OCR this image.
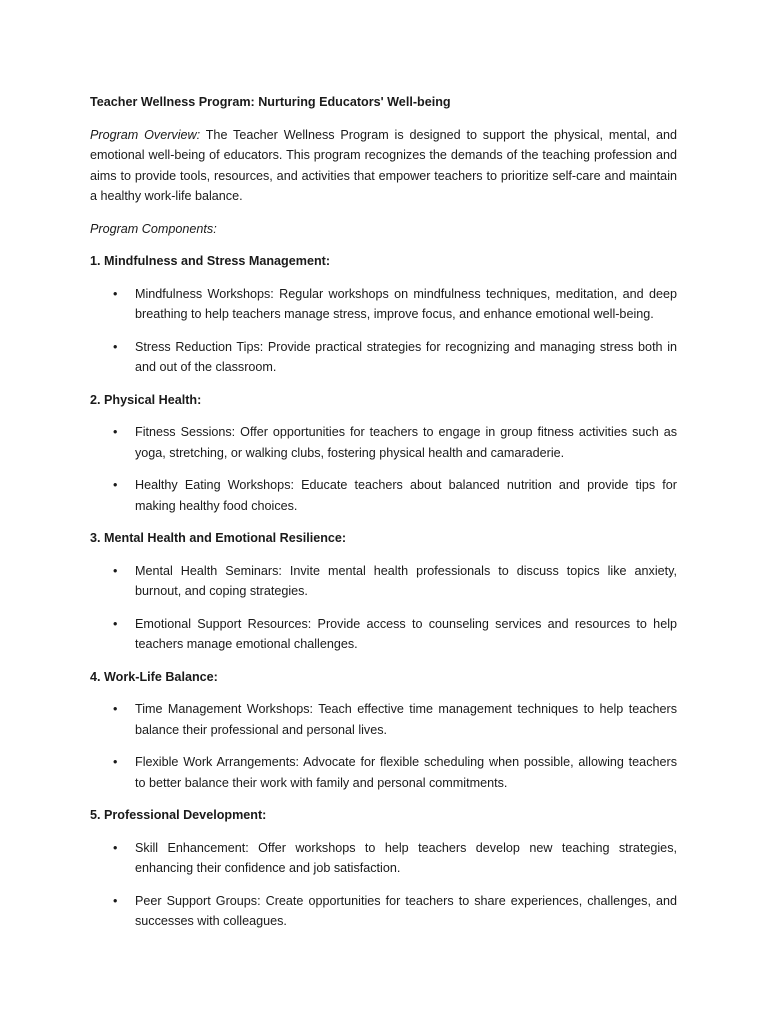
Teacher Wellness Program: Nurturing Educators' Well-being

Program Overview: The Teacher Wellness Program is designed to support the physical, mental, and emotional well-being of educators. This program recognizes the demands of the teaching profession and aims to provide tools, resources, and activities that empower teachers to prioritize self-care and maintain a healthy work-life balance.

Program Components:

1. Mindfulness and Stress Management:

• Mindfulness Workshops: Regular workshops on mindfulness techniques, meditation, and deep breathing to help teachers manage stress, improve focus, and enhance emotional well-being.
• Stress Reduction Tips: Provide practical strategies for recognizing and managing stress both in and out of the classroom.

2. Physical Health:

• Fitness Sessions: Offer opportunities for teachers to engage in group fitness activities such as yoga, stretching, or walking clubs, fostering physical health and camaraderie.
• Healthy Eating Workshops: Educate teachers about balanced nutrition and provide tips for making healthy food choices.

3. Mental Health and Emotional Resilience:

• Mental Health Seminars: Invite mental health professionals to discuss topics like anxiety, burnout, and coping strategies.
• Emotional Support Resources: Provide access to counseling services and resources to help teachers manage emotional challenges.

4. Work-Life Balance:

• Time Management Workshops: Teach effective time management techniques to help teachers balance their professional and personal lives.
• Flexible Work Arrangements: Advocate for flexible scheduling when possible, allowing teachers to better balance their work with family and personal commitments.

5. Professional Development:

• Skill Enhancement: Offer workshops to help teachers develop new teaching strategies, enhancing their confidence and job satisfaction.
• Peer Support Groups: Create opportunities for teachers to share experiences, challenges, and successes with colleagues.
